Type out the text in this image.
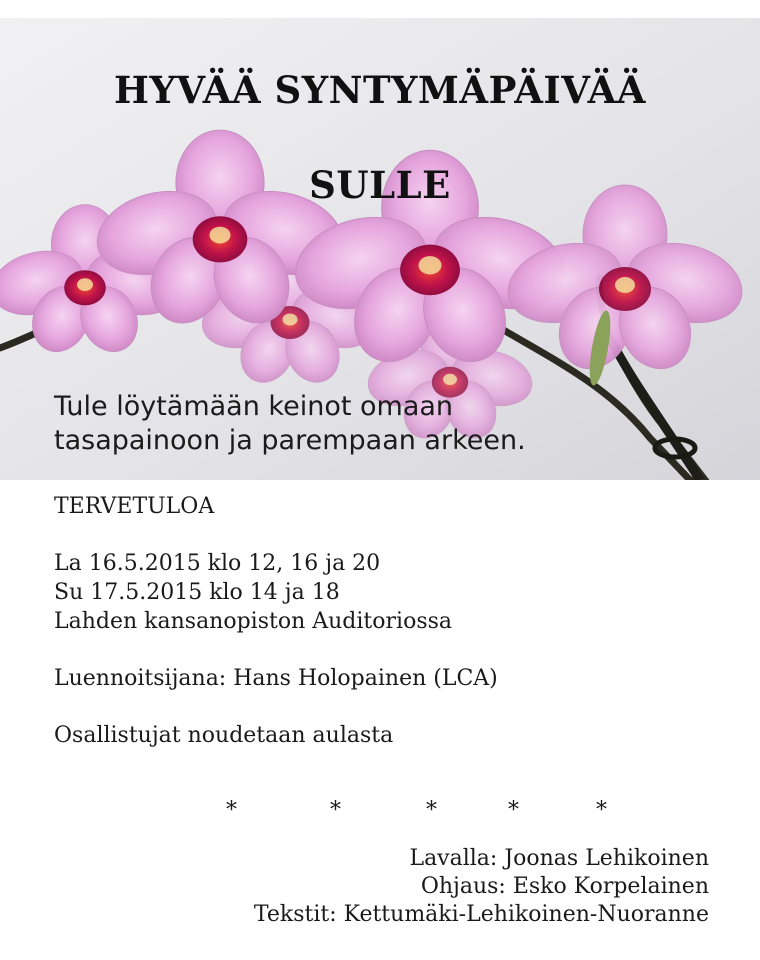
HYVÄÄ SYNTYMÄPÄIVÄÄ
SULLE
Tule löytämään keinot omaan
tasapainoon ja parempaan arkeen.
TERVETULOA
La 16.5.2015 klo 12, 16 ja 20
Su 17.5.2015 klo 14 ja 18
Lahden kansanopiston Auditoriossa
Luennoitsijana: Hans Holopainen (LCA)
Osallistujat noudetaan aulasta
*	*	*	*	*
Lavalla: Joonas Lehikoinen
Ohjaus: Esko Korpelainen
Tekstit: Kettumäki-Lehikoinen-Nuoranne
